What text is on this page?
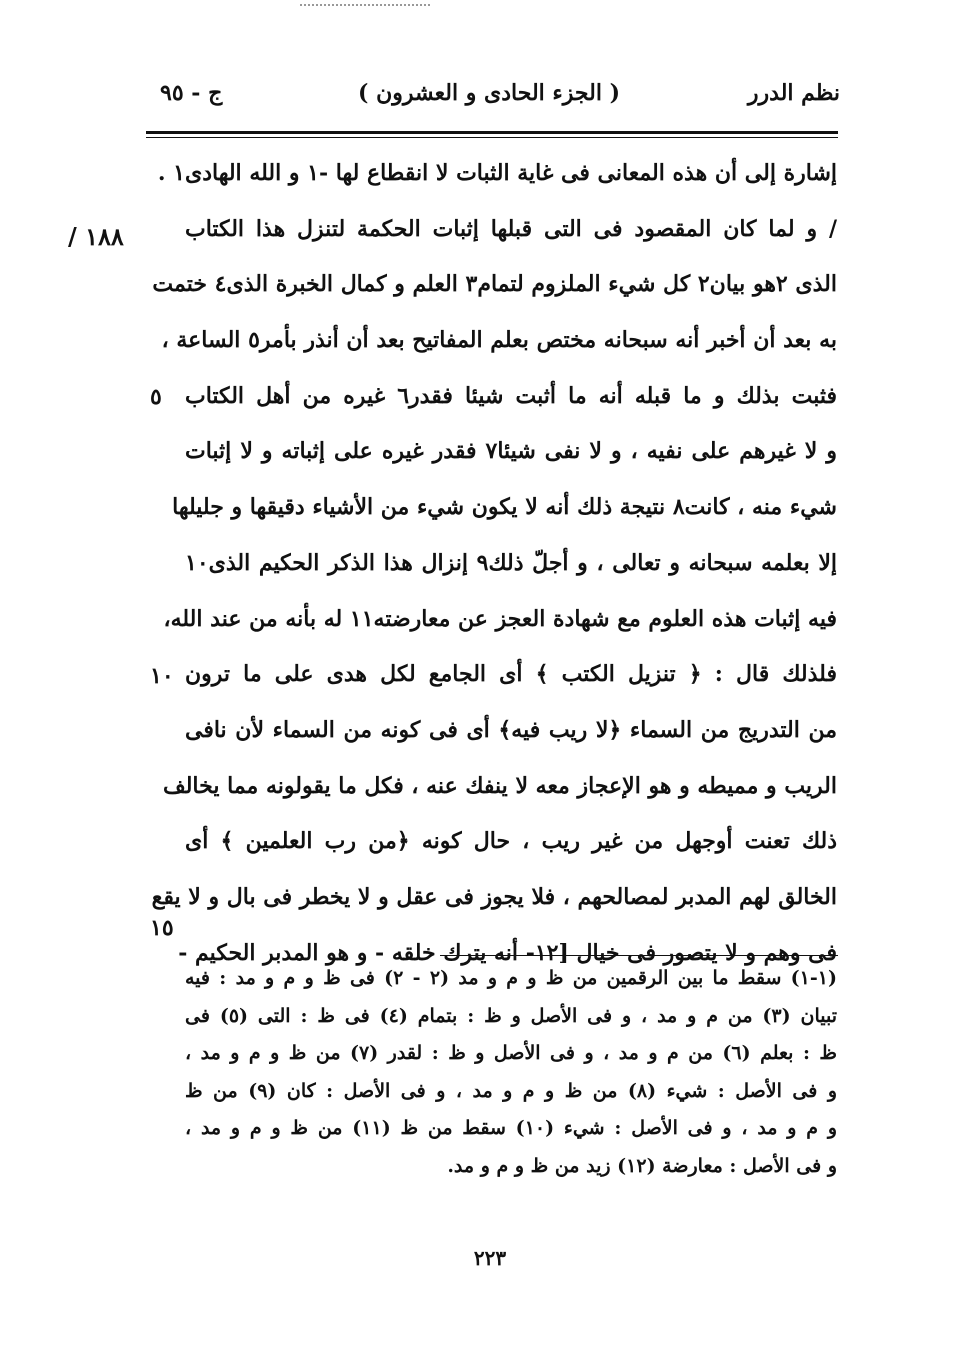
نظم الدرر
( الجزء الحادى و العشرون )
ج - ٩٥
١٨٨ /
٥
١٠
١٥
إشارة إلى أن هذه المعانى فى غاية الثبات لا انقطاع لها -١ و الله الهادى١ .
/ و لما كان المقصود فى التى قبلها إثبات الحكمة لتنزل هذا الكتاب
الذى ٢هو بيان٢ كل شيء الملزوم لتمام٣ العلم و كمال الخبرة الذى٤ ختمت
به بعد أن أخبر أنه سبحانه مختص بعلم المفاتيح بعد أن أنذر بأمر٥ الساعة ،
فثبت بذلك و ما قبله أنه ما أثبت شيئا فقدر٦ غيره من أهل الكتاب
و لا غيرهم على نفيه ، و لا نفى شيئا٧ فقدر غيره على إثباته و لا إثبات
شيء منه ، كانت٨ نتيجة ذلك أنه لا يكون شيء من الأشياء دقيقها و جليلها
إلا بعلمه سبحانه و تعالى ، و أجلّ ذلك٩ إنزال هذا الذكر الحكيم الذى١٠
فيه إثبات هذه العلوم مع شهادة العجز عن معارضته١١ له بأنه من عند الله،
فلذلك قال : ﴿ تنزيل الكتب ﴾ أى الجامع لكل هدى على ما ترون
من التدريج من السماء ﴿لا ريب فيه﴾ أى فى كونه من السماء لأن نافى
الريب و مميطه و هو الإعجاز معه لا ينفك عنه ، فكل ما يقولونه مما يخالف
ذلك تعنت أوجهل من غير ريب ، حال كونه ﴿من رب العلمين ﴾ أى
الخالق لهم المدبر لمصالحهم ، فلا يجوز فى عقل و لا يخطر فى بال و لا يقع
فى وهم و لا يتصور فى خيال [١٢- أنه يترك خلقه - و هو المدبر الحكيم -
(١-١) سقط ما بين الرقمين من ظ و م و مد (٢ - ٢) فى ظ و م و مد : فيه
تبيان (٣) من م و مد ، و فى الأصل و ظ : بتمام (٤) فى ظ : التى (٥) فى
ظ : بعلم (٦) من م و مد ، و فى الأصل و ظ : لقدر (٧) من ظ و م و مد ،
و فى الأصل : شيء (٨) من ظ و م و مد ، و فى الأصل : كان (٩) من ظ
و م و مد ، و فى الأصل : شيء (١٠) سقط من ظ (١١) من ظ و م و مد ،
و فى الأصل : معارضة (١٢) زيد من ظ و م و مد.
٢٢٣
